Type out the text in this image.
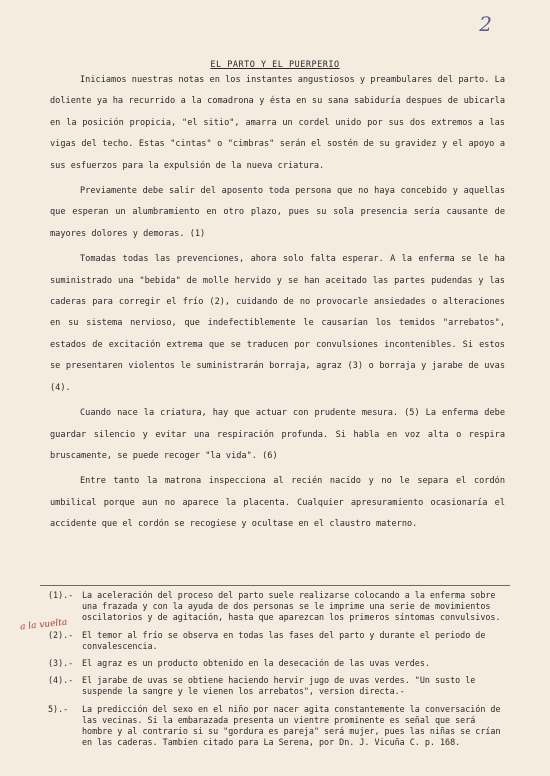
2
EL PARTO Y EL PUERPERIO

Iniciamos nuestras notas en los instantes angustiosos y preambulares del parto. La doliente ya ha recurrido a la comadrona y ésta en su sana sabiduría despues de ubicarla en la posición propicia, "el sitio", amarra un cordel unido por sus dos extremos a las vigas del techo. Estas "cintas" o "cimbras" serán el sostén de su gravidez y el apoyo a sus esfuerzos para la expulsión de la nueva criatura.

Previamente debe salir del aposento toda persona que no haya concebido y aquellas que esperan un alumbramiento en otro plazo, pues su sola presencia sería causante de mayores dolores y demoras. (1)

Tomadas todas las prevenciones, ahora solo falta esperar. A la enferma se le ha suministrado una "bebida" de molle hervido y se han aceitado las partes pudendas y las caderas para corregir el frío (2), cuidando de no provocarle ansiedades o alteraciones en su sistema nervioso, que indefectiblemente le causarían los temidos "arrebatos", estados de excitación extrema que se traducen por convulsiones incontenibles. Si estos se presentaren violentos le suministrarán borraja, agraz (3) o borraja y jarabe de uvas (4).

Cuando nace la criatura, hay que actuar con prudente mesura. (5) La enferma debe guardar silencio y evitar una respiración profunda. Si habla en voz alta o respira bruscamente, se puede recoger "la vida". (6)

Entre tanto la matrona inspecciona al recién nacido y no le separa el cordón umbilical porque aun no aparece la placenta. Cualquier apresuramiento ocasionaría el accidente que el cordón se recogiese y ocultase en el claustro materno.

a la vuelta
(1).-	La aceleración del proceso del parto suele realizarse colocando a la enferma sobre una frazada y con la ayuda de dos personas se le imprime una serie de movimientos oscilatorios y de agitación, hasta que aparezcan los primeros síntomas convulsivos.
(2).-	El temor al frío se observa en todas las fases del parto y durante el periodo de convalescencia.
(3).-	El agraz es un producto obtenido en la desecación de las uvas verdes.
(4).-	El jarabe de uvas se obtiene haciendo hervir jugo de uvas verdes. "Un susto le suspende la sangre y le vienen los arrebatos", version directa.-
5).-	La predicción del sexo en el niño por nacer agita constantemente la conversación de las vecinas. Si la embarazada presenta un vientre prominente es señal que será hombre y al contrario si su "gordura es pareja" será mujer, pues las niñas se crían en las caderas. Tambien citado para La Serena, por Dn. J. Vicuña C. p. 168.
